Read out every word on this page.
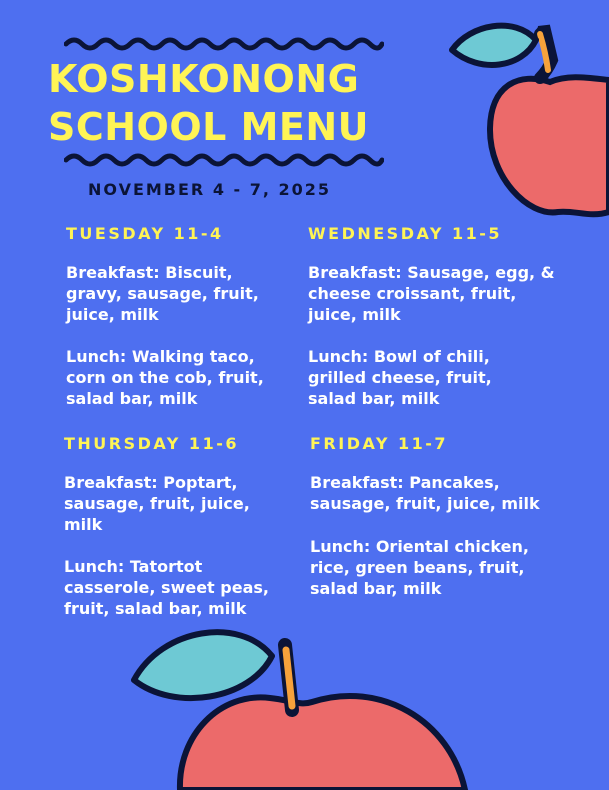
KOSHKONONG
SCHOOL MENU
NOVEMBER 4 - 7, 2025
TUESDAY 11-4

Breakfast: Biscuit, gravy, sausage, fruit, juice, milk

Lunch: Walking taco, corn on the cob, fruit, salad bar, milk

WEDNESDAY 11-5

Breakfast: Sausage, egg, & cheese croissant, fruit, juice, milk

Lunch: Bowl of chili, grilled cheese, fruit, salad bar, milk

THURSDAY 11-6

Breakfast: Poptart, sausage, fruit, juice, milk

Lunch: Tatortot casserole, sweet peas, fruit, salad bar, milk

FRIDAY 11-7

Breakfast: Pancakes, sausage, fruit, juice, milk

Lunch: Oriental chicken, rice, green beans, fruit, salad bar, milk
